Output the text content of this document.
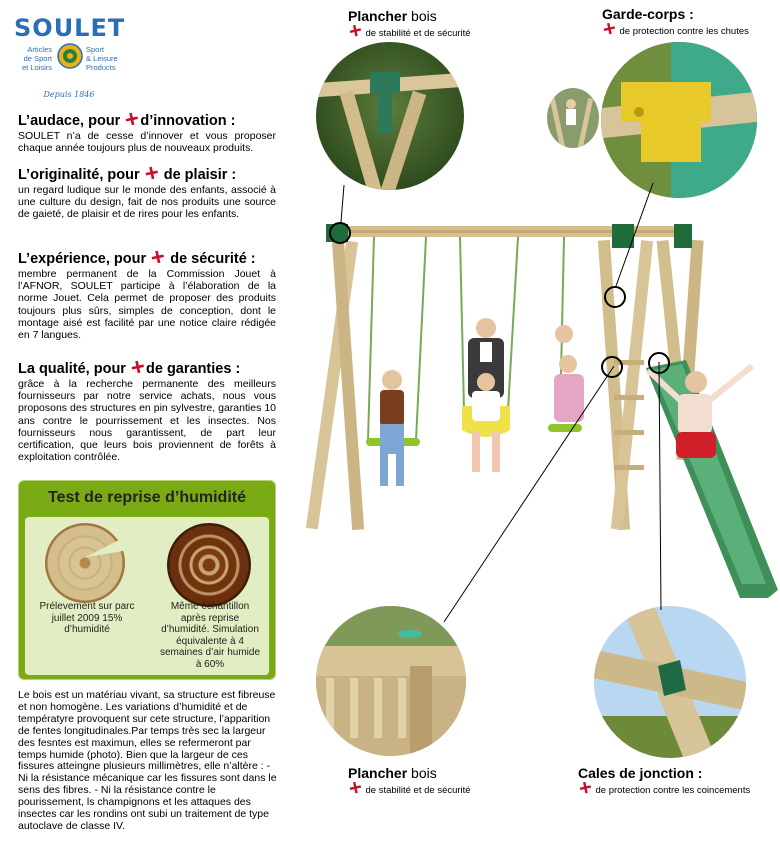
SOULET
Articles
de Sport
et Loisirs
Sport
& Leisure
Products
Depuis 1846
L’audace, pour +d’innovation :
SOULET n’a de cesse d’innover et vous proposer chaque année toujours plus de nouveaux produits.
L’originalité, pour + de plaisir :
un regard ludique sur le monde des enfants, associé à une culture du design, fait de nos produits une source de gaieté, de plaisir et de rires pour les enfants.
L’expérience, pour + de sécurité :
membre permanent de la Commission Jouet à l’AFNOR, SOULET participe à l’élaboration de la norme Jouet. Cela permet de proposer des produits toujours plus sûrs, simples de conception, dont le montage aisé est facilité par une notice claire rédigée en 7 langues.
La qualité, pour +de garanties :
grâce à la recherche permanente des meilleurs fournisseurs par notre service achats, nous vous proposons des structures en pin sylvestre, garanties 10 ans contre le pourrissement et les insectes. Nos fournisseurs nous garantissent, de part leur certification, que leurs bois proviennent de forêts à exploitation contrôlée.
Test de reprise d’humidité
Prélevement sur parc juillet 2009 15% d’humidité
Même échantillon après reprise d’humidité. Simulation équivalente à 4 semaines d’air humide à 60%
Le bois est un matériau vivant, sa structure est fibreuse et non homogène. Les variations d’humidité et de températyre provoquent sur cete structure, l’apparition de fentes longitudinales.Par temps très sec la largeur des fesntes est maximun, elles se refermeront par temps humide (photo). Bien que la largeur de ces fissures atteingne plusieurs millimètres, elle n’altère : - Ni la résistance mécanique car les fissures sont dans le sens des fibres. - Ni la résistance contre le pourissement, ls champignons et les attaques des insectes car les rondins ont subi un traitement de type autoclave de classe IV.
Plancher bois
+ de stabilité et de sécurité
Garde-corps :
+ de protection contre les chutes
Plancher bois
+ de stabilité et de sécurité
Cales de jonction :
+ de protection contre les coincements
